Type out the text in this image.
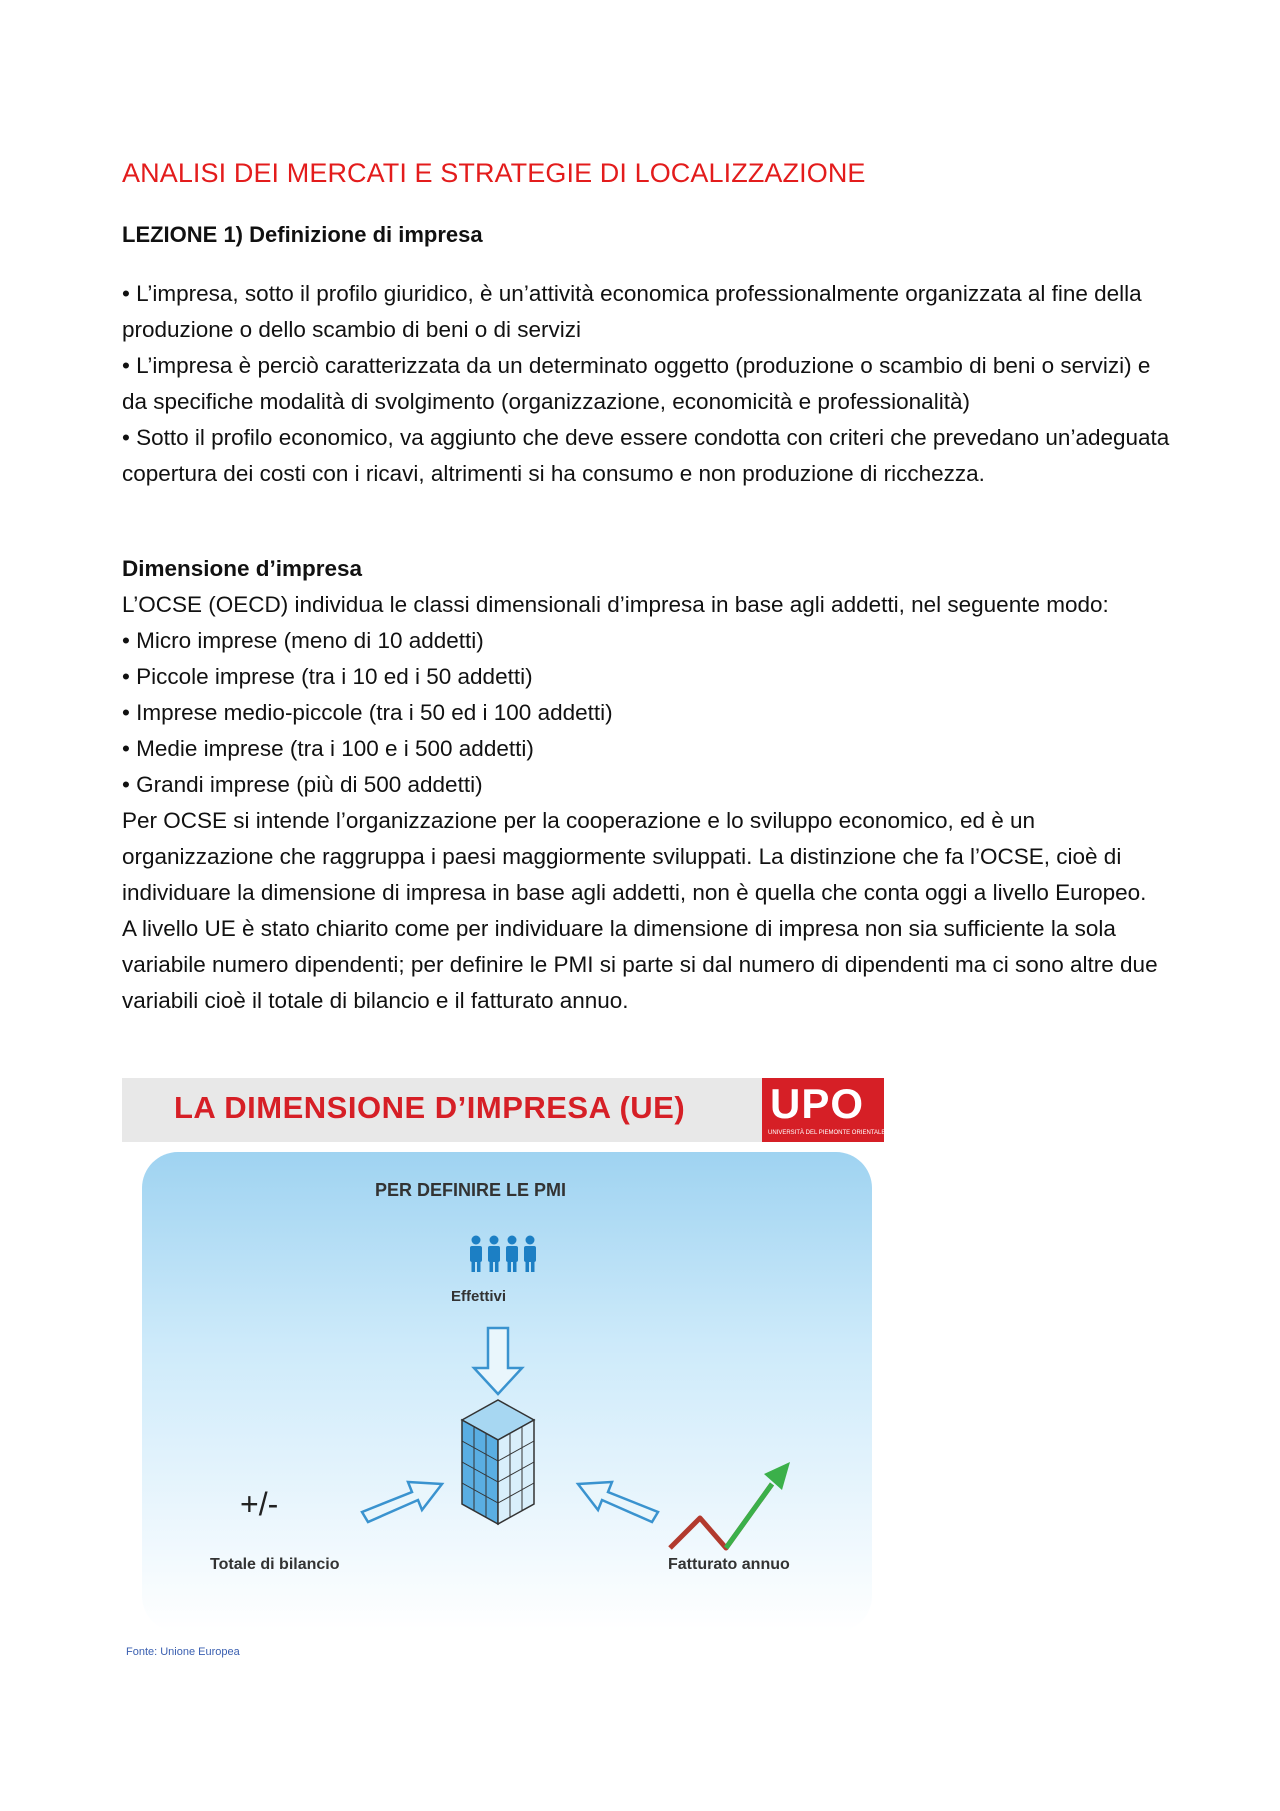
ANALISI DEI MERCATI E STRATEGIE DI LOCALIZZAZIONE
LEZIONE 1) Definizione di impresa

• L’impresa, sotto il profilo giuridico, è un’attività economica professionalmente organizzata al fine della produzione o dello scambio di beni o di servizi

• L’impresa è perciò caratterizzata da un determinato oggetto (produzione o scambio di beni o servizi) e da specifiche modalità di svolgimento (organizzazione, economicità e professionalità)

• Sotto il profilo economico, va aggiunto che deve essere condotta con criteri che prevedano un’adeguata copertura dei costi con i ricavi, altrimenti si ha consumo e non produzione di ricchezza.

Dimensione d’impresa

L’OCSE (OECD) individua le classi dimensionali d’impresa in base agli addetti, nel seguente modo:

• Micro imprese (meno di 10 addetti)

• Piccole imprese (tra i 10 ed i 50 addetti)

• Imprese medio-piccole (tra i 50 ed i 100 addetti)

• Medie imprese (tra i 100 e i 500 addetti)

• Grandi imprese (più di 500 addetti)

Per OCSE si intende l’organizzazione per la cooperazione e lo sviluppo economico, ed è un organizzazione che raggruppa i paesi maggiormente sviluppati. La distinzione che fa l’OCSE, cioè di individuare la dimensione di impresa in base agli addetti, non è quella che conta oggi a livello Europeo.

A livello UE è stato chiarito come per individuare la dimensione di impresa non sia sufficiente la sola variabile numero dipendenti; per definire le PMI si parte si dal numero di dipendenti ma ci sono altre due variabili cioè il totale di bilancio e il fatturato annuo.

LA DIMENSIONE D’IMPRESA (UE) UPO
UNIVERSITÀ DEL PIEMONTE ORIENTALE
PER DEFINIRE LE PMI
Effettivi
+/-
Totale di bilancio	Fatturato annuo
Fonte: Unione Europea
